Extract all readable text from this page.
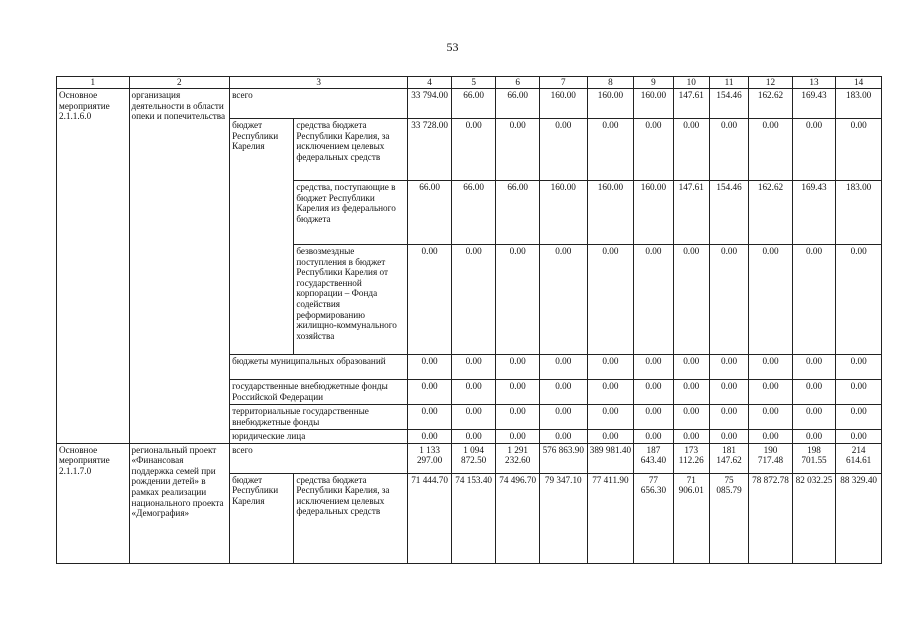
53
1	2	3		4	5	6	7	8	9	10	11	12	13	14
Основное мероприятие 2.1.1.6.0	организация деятельности в области опеки и попечительства	всего		33 794.00	66.00	66.00	160.00	160.00	160.00	147.61	154.46	162.62	169.43	183.00
		бюджет Республики Карелия	средства бюджета Республики Карелия, за исключением целевых федеральных средств	33 728.00	0.00	0.00	0.00	0.00	0.00	0.00	0.00	0.00	0.00	0.00
			средства, поступающие в бюджет Республики Карелия из федерального бюджета	66.00	66.00	66.00	160.00	160.00	160.00	147.61	154.46	162.62	169.43	183.00
			безвозмездные поступления в бюджет Республики Карелия от государственной корпорации – Фонда содействия реформированию жилищно-коммунального хозяйства	0.00	0.00	0.00	0.00	0.00	0.00	0.00	0.00	0.00	0.00	0.00
		бюджеты муниципальных образований		0.00	0.00	0.00	0.00	0.00	0.00	0.00	0.00	0.00	0.00	0.00
		государственные внебюджетные фонды Российской Федерации		0.00	0.00	0.00	0.00	0.00	0.00	0.00	0.00	0.00	0.00	0.00
		территориальные государственные внебюджетные фонды		0.00	0.00	0.00	0.00	0.00	0.00	0.00	0.00	0.00	0.00	0.00
		юридические лица		0.00	0.00	0.00	0.00	0.00	0.00	0.00	0.00	0.00	0.00	0.00
Основное мероприятие 2.1.1.7.0	региональный проект «Финансовая поддержка семей при рождении детей» в рамках реализации национального проекта «Демография»	всего		1 133 297.00	1 094 872.50	1 291 232.60	576 863.90	389 981.40	187 643.40	173 112.26	181 147.62	190 717.48	198 701.55	214 614.61
		бюджет Республики Карелия	средства бюджета Республики Карелия, за исключением целевых федеральных средств	71 444.70	74 153.40	74 496.70	79 347.10	77 411.90	77 656.30	71 906.01	75 085.79	78 872.78	82 032.25	88 329.40
